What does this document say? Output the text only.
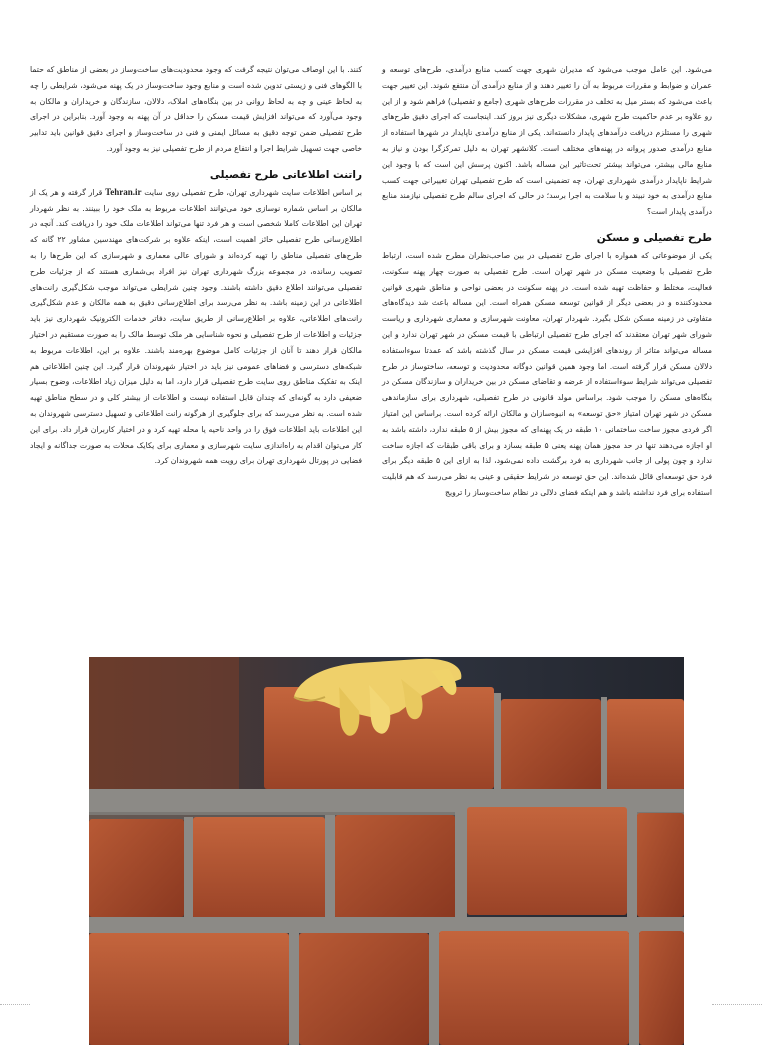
می‌شود. این عامل موجب می‌شود که مدیران شهری جهت کسب منابع درآمدی، طرح‌های توسعه و عمران و ضوابط و مقررات مربوط به آن را تغییر دهند و از منابع درآمدی آن منتفع شوند. این تغییر جهت باعث می‌شود که بستر میل به تخلف در مقررات طرح‌های شهری (جامع و تفصیلی) فراهم شود و از این رو علاوه بر عدم حاکمیت طرح شهری، مشکلات دیگری نیز بروز کند. اینجاست که اجرای دقیق طرح‌های شهری را مستلزم دریافت درآمدهای پایدار دانسته‌اند. یکی از منابع درآمدی ناپایدار در شهرها استفاده از منابع درآمدی صدور پروانه در پهنه‌های مختلف است. کلانشهر تهران به دلیل تمرکزگرا بودن و نیاز به منابع مالی بیشتر، می‌تواند بیشتر تحت‌تاثیر این مساله باشد. اکنون پرسش این است که با وجود این شرایط ناپایدار درآمدی شهرداری تهران، چه تضمینی است که طرح تفصیلی تهران تغییراتی جهت کسب منابع درآمدی به خود نبیند و با سلامت به اجرا برسد؛ در حالی که اجرای سالم طرح تفصیلی نیازمند منابع درآمدی پایدار است؟

طرح تفصیلی و مسکن

یکی از موضوعاتی که همواره با اجرای طرح تفصیلی در بین صاحب‌نظران مطرح شده است، ارتباط طرح تفصیلی با وضعیت مسکن در شهر تهران است. طرح تفصیلی به صورت چهار پهنه سکونت، فعالیت، مختلط و حفاظت تهیه شده است. در پهنه سکونت در بعضی نواحی و مناطق شهری قوانین محدودکننده و در بعضی دیگر از قوانین توسعه مسکن همراه است. این مساله باعث شد دیدگاه‌های متفاوتی در زمینه مسکن شکل بگیرد. شهردار تهران، معاونت شهرسازی و معماری شهرداری و ریاست شورای شهر تهران معتقدند که اجرای طرح تفصیلی ارتباطی با قیمت مسکن در شهر تهران ندارد و این مساله می‌تواند متاثر از روندهای افزایشی قیمت مسکن در سال گذشته باشد که عمدتا سوءاستفاده دلالان مسکن قرار گرفته است. اما وجود همین قوانین دوگانه محدودیت و توسعه، ساختوساز در طرح تفصیلی می‌تواند شرایط سوءاستفاده از عرضه و تقاضای مسکن در بین خریداران و سازندگان مسکن در بنگاه‌های مسکن را موجب شود. براساس مولد قانونی در طرح تفصیلی، شهرداری برای سازماندهی مسکن در شهر تهران امتیاز «حق توسعه» به انبوه‌سازان و مالکان ارائه کرده است. براساس این امتیاز اگر فردی مجوز ساخت ساختمانی ۱۰ طبقه در یک پهنه‌ای که مجوز بیش از ۵ طبقه ندارد، داشته باشد به او اجازه می‌دهند تنها در حد مجوز همان پهنه یعنی ۵ طبقه بسازد و برای باقی طبقات که اجازه ساخت ندارد و چون پولی از جانب شهرداری به فرد برگشت داده نمی‌شود، لذا به ازای این ۵ طبقه دیگر برای فرد حق توسعه‌ای قائل شده‌اند. این حق توسعه در شرایط حقیقی و عینی به نظر می‌رسد که هم قابلیت استفاده برای فرد نداشته باشد و هم اینکه فضای دلالی در نظام ساخت‌وساز را ترویج

کنند. با این اوصاف می‌توان نتیجه گرفت که وجود محدودیت‌های ساخت‌وساز در بعضی از مناطق که حتما با الگوهای فنی و زیستی تدوین شده است و منابع وجود ساخت‌وساز در یک پهنه می‌شود، شرایطی را چه به لحاظ عینی و چه به لحاظ روانی در بین بنگاه‌های املاک، دلالان، سازندگان و خریداران و مالکان به وجود می‌آورد که می‌تواند افزایش قیمت مسکن را حداقل در آن پهنه به وجود آورد. بنابراین در اجرای طرح تفصیلی ضمن توجه دقیق به مسائل ایمنی و فنی در ساخت‌وساز و اجرای دقیق قوانین باید تدابیر خاصی جهت تسهیل شرایط اجرا و انتفاع مردم از طرح تفصیلی نیز به وجود آورد.

راتنت اطلاعاتی طرح تفصیلی

بر اساس اطلاعات سایت شهرداری تهران، طرح تفصیلی روی سایت Tehran.ir قرار گرفته و هر یک از مالکان بر اساس شماره نوسازی خود می‌توانند اطلاعات مربوط به ملک خود را ببینند. به نظر شهردار تهران این اطلاعات کاملا شخصی است و هر فرد تنها می‌تواند اطلاعات ملک خود را دریافت کند. آنچه در اطلاع‌رسانی طرح تفصیلی حائز اهمیت است، اینکه علاوه بر شرکت‌های مهندسین مشاور ۲۲ گانه که طرح‌های تفصیلی مناطق را تهیه کرده‌اند و شورای عالی معماری و شهرسازی که این طرح‌ها را به تصویب رسانده، در مجموعه بزرگ شهرداری تهران نیز افراد بی‌شماری هستند که از جزئیات طرح تفصیلی می‌توانند اطلاع دقیق داشته باشند. وجود چنین شرایطی می‌تواند موجب شکل‌گیری رانت‌های اطلاعاتی در این زمینه باشد. به نظر می‌رسد برای اطلاع‌رسانی دقیق به همه مالکان و عدم شکل‌گیری رانت‌های اطلاعاتی، علاوه بر اطلاع‌رسانی از طریق سایت، دفاتر خدمات الکترونیک شهرداری نیز باید جزئیات و اطلاعات از طرح تفصیلی و نحوه شناسایی هر ملک توسط مالک را به صورت مستقیم در اختیار مالکان قرار دهند تا آنان از جزئیات کامل موضوع بهره‌مند باشند. علاوه بر این، اطلاعات مربوط به شبکه‌های دسترسی و فضاهای عمومی نیز باید در اختیار شهروندان قرار گیرد. این چنین اطلاعاتی هم اینک به تفکیک مناطق روی سایت طرح تفصیلی قرار دارد، اما به دلیل میزان زیاد اطلاعات، وضوح بسیار ضعیفی دارد به گونه‌ای که چندان قابل استفاده نیست و اطلاعات از بیشتر کلی و در سطح مناطق تهیه شده است. به نظر می‌رسد که برای جلوگیری از هرگونه رانت اطلاعاتی و تسهیل دسترسی شهروندان به این اطلاعات باید اطلاعات فوق را در واحد ناحیه یا محله تهیه کرد و در اختیار کاربران قرار داد. برای این کار می‌توان اقدام به راه‌اندازی سایت شهرسازی و معماری برای یکایک محلات به صورت جداگانه و ایجاد فضایی در پورتال شهرداری تهران برای رویت همه شهروندان کرد.
